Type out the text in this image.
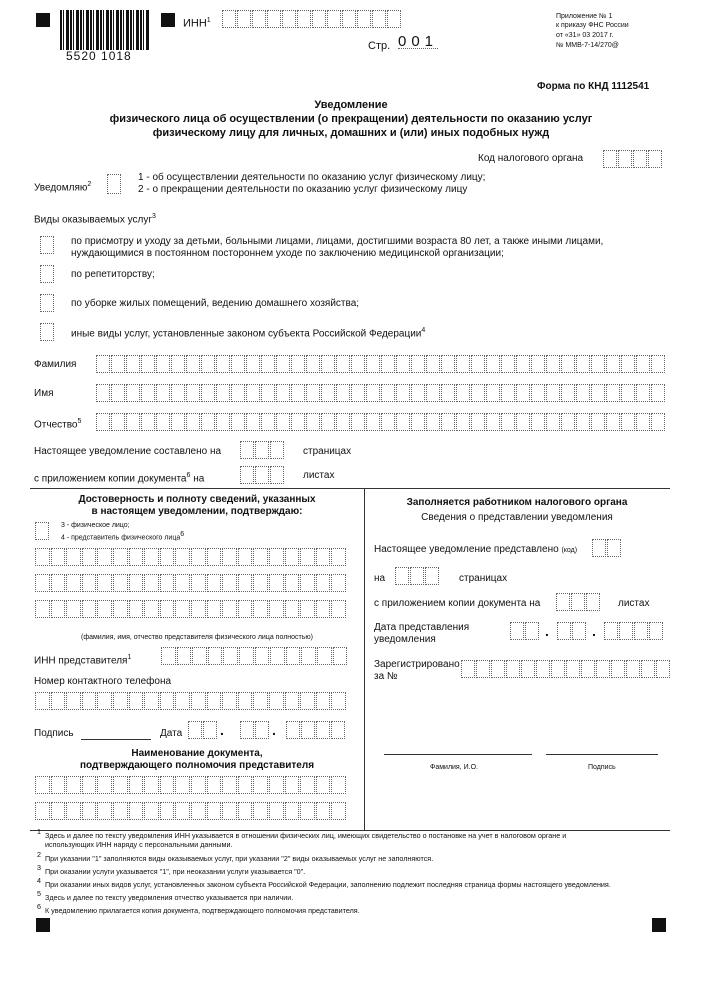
5520 1018
ИНН$^1$
Стр. 001
Приложение № 1
к приказу ФНС России
от «31» 03 2017 г.
№ ММВ-7-14/270@
Форма по КНД 1112541
Уведомление
физического лица об осуществлении (о прекращении) деятельности по оказанию услуг
физическому лицу для личных, домашних и (или) иных подобных нужд
Код налогового органа
Уведомляю$^2$
1 - об осуществлении деятельности по оказанию услуг физическому лицу;
2 - о прекращении деятельности по оказанию услуг физическому лицу
Виды оказываемых услуг$^3$
по присмотру и уходу за детьми, больными лицами, лицами, достигшими возраста 80 лет, а также иными лицами,
нуждающимися в постоянном постороннем уходе по заключению медицинской организации;
по репетиторству;
по уборке жилых помещений, ведению домашнего хозяйства;
иные виды услуг, установленные законом субъекта Российской Федерации$^4$
Фамилия
Имя
Отчество$^5$
Настоящее уведомление составлено на	страницах
с приложением копии документа$^6$ на	листах
Достоверность и полноту сведений, указанных
в настоящем уведомлении, подтверждаю:
3 - физическое лицо;
4 - представитель физического лица$^6$
(фамилия, имя, отчество представителя физического лица полностью)
ИНН представителя$^1$
Номер контактного телефона
Подпись	Дата	.	.
Наименование документа,
подтверждающего полномочия представителя
Заполняется работником налогового органа
Сведения о представлении уведомления
Настоящее уведомление представлено (код)
на	страницах
с приложением копии документа на	листах
Дата представления
уведомления
.	.
Зарегистрировано
за №
Фамилия, И.О.	Подпись
1 Здесь и далее по тексту уведомления ИНН указывается в отношении физических лиц, имеющих свидетельство о постановке на учет в налоговом органе и
использующих ИНН наряду с персональными данными.
2 При указании "1" заполняются виды оказываемых услуг, при указании "2" виды оказываемых услуг не заполняются.
3 При оказании услуги указывается "1", при неоказании услуги указывается "0".
4 При оказании иных видов услуг, установленных законом субъекта Российской Федерации, заполнению подлежит последняя страница формы настоящего уведомления.
5 Здесь и далее по тексту уведомления отчество указывается при наличии.
6 К уведомлению прилагается копия документа, подтверждающего полномочия представителя.
